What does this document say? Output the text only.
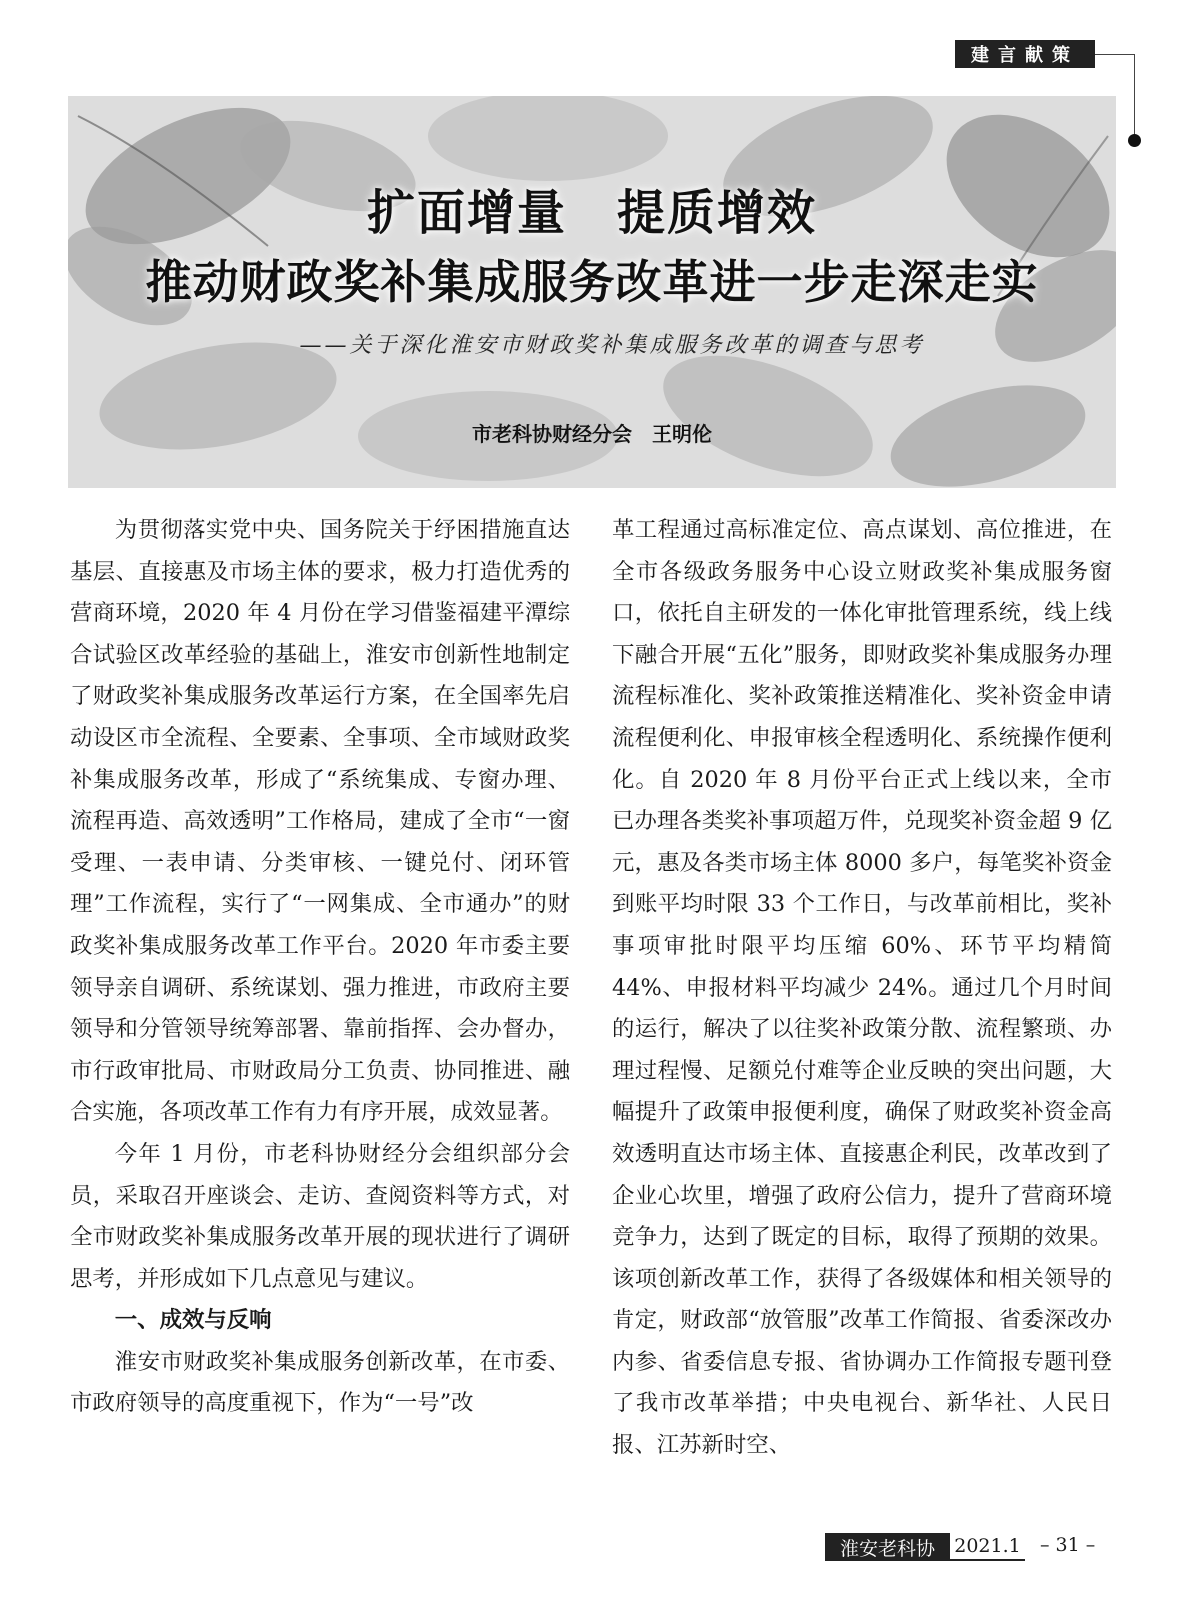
建言献策
扩面增量　提质增效
推动财政奖补集成服务改革进一步走深走实
——关于深化淮安市财政奖补集成服务改革的调查与思考
市老科协财经分会　王明伦

为贯彻落实党中央、国务院关于纾困措施直达基层、直接惠及市场主体的要求，极力打造优秀的营商环境，2020 年 4 月份在学习借鉴福建平潭综合试验区改革经验的基础上，淮安市创新性地制定了财政奖补集成服务改革运行方案，在全国率先启动设区市全流程、全要素、全事项、全市域财政奖补集成服务改革，形成了“系统集成、专窗办理、流程再造、高效透明”工作格局，建成了全市“一窗受理、一表申请、分类审核、一键兑付、闭环管理”工作流程，实行了“一网集成、全市通办”的财政奖补集成服务改革工作平台。2020 年市委主要领导亲自调研、系统谋划、强力推进，市政府主要领导和分管领导统筹部署、靠前指挥、会办督办，市行政审批局、市财政局分工负责、协同推进、融合实施，各项改革工作有力有序开展，成效显著。

今年 1 月份，市老科协财经分会组织部分会员，采取召开座谈会、走访、查阅资料等方式，对全市财政奖补集成服务改革开展的现状进行了调研思考，并形成如下几点意见与建议。

一、成效与反响

淮安市财政奖补集成服务创新改革，在市委、市政府领导的高度重视下，作为“一号”改

革工程通过高标准定位、高点谋划、高位推进，在全市各级政务服务中心设立财政奖补集成服务窗口，依托自主研发的一体化审批管理系统，线上线下融合开展“五化”服务，即财政奖补集成服务办理流程标准化、奖补政策推送精准化、奖补资金申请流程便利化、申报审核全程透明化、系统操作便利化。自 2020 年 8 月份平台正式上线以来，全市已办理各类奖补事项超万件，兑现奖补资金超 9 亿元，惠及各类市场主体 8000 多户，每笔奖补资金到账平均时限 33 个工作日，与改革前相比，奖补事项审批时限平均压缩 60%、环节平均精简 44%、申报材料平均减少 24%。通过几个月时间的运行，解决了以往奖补政策分散、流程繁琐、办理过程慢、足额兑付难等企业反映的突出问题，大幅提升了政策申报便利度，确保了财政奖补资金高效透明直达市场主体、直接惠企利民，改革改到了企业心坎里，增强了政府公信力，提升了营商环境竞争力，达到了既定的目标，取得了预期的效果。该项创新改革工作，获得了各级媒体和相关领导的肯定，财政部“放管服”改革工作简报、省委深改办内参、省委信息专报、省协调办工作简报专题刊登了我市改革举措；中央电视台、新华社、人民日报、江苏新时空、

淮安老科协	2021.1 – 31 –
